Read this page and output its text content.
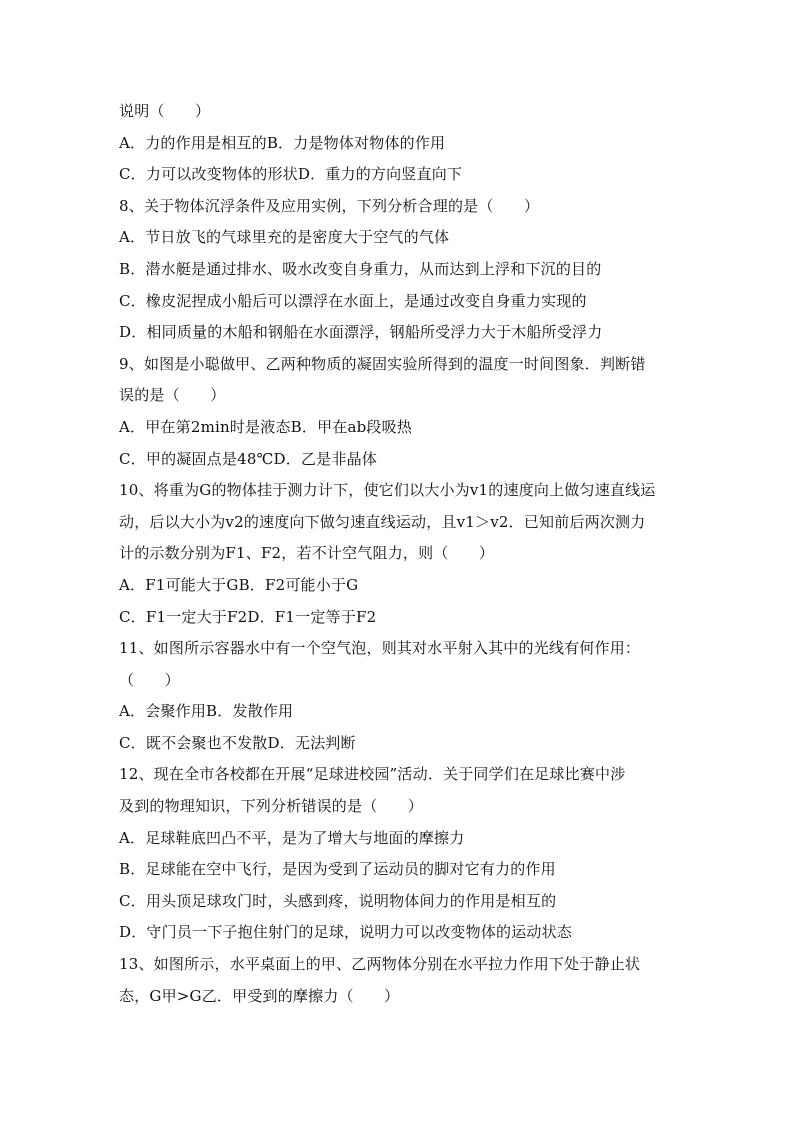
说明（　　）
A．力的作用是相互的B．力是物体对物体的作用
C．力可以改变物体的形状D．重力的方向竖直向下
8、关于物体沉浮条件及应用实例，下列分析合理的是（　　）
A．节日放飞的气球里充的是密度大于空气的气体
B．潜水艇是通过排水、吸水改变自身重力，从而达到上浮和下沉的目的
C．橡皮泥捏成小船后可以漂浮在水面上，是通过改变自身重力实现的
D．相同质量的木船和钢船在水面漂浮，钢船所受浮力大于木船所受浮力
9、如图是小聪做甲、乙两种物质的凝固实验所得到的温度一时间图象．判断错
误的是（　　）
A．甲在第2min时是液态B．甲在ab段吸热
C．甲的凝固点是48℃D．乙是非晶体
10、将重为G的物体挂于测力计下，使它们以大小为v1的速度向上做匀速直线运
动，后以大小为v2的速度向下做匀速直线运动，且v1＞v2．已知前后两次测力
计的示数分别为F1、F2，若不计空气阻力，则（　　）
A．F1可能大于GB．F2可能小于G
C．F1一定大于F2D．F1一定等于F2
11、如图所示容器水中有一个空气泡，则其对水平射入其中的光线有何作用：
（　　）
A．会聚作用B．发散作用
C．既不会聚也不发散D．无法判断
12、现在全市各校都在开展“足球进校园”活动．关于同学们在足球比赛中涉
及到的物理知识，下列分析错误的是（　　）
A．足球鞋底凹凸不平，是为了增大与地面的摩擦力
B．足球能在空中飞行，是因为受到了运动员的脚对它有力的作用
C．用头顶足球攻门时，头感到疼，说明物体间力的作用是相互的
D．守门员一下子抱住射门的足球，说明力可以改变物体的运动状态
13、如图所示，水平桌面上的甲、乙两物体分别在水平拉力作用下处于静止状
态，G甲>G乙．甲受到的摩擦力（　　）
